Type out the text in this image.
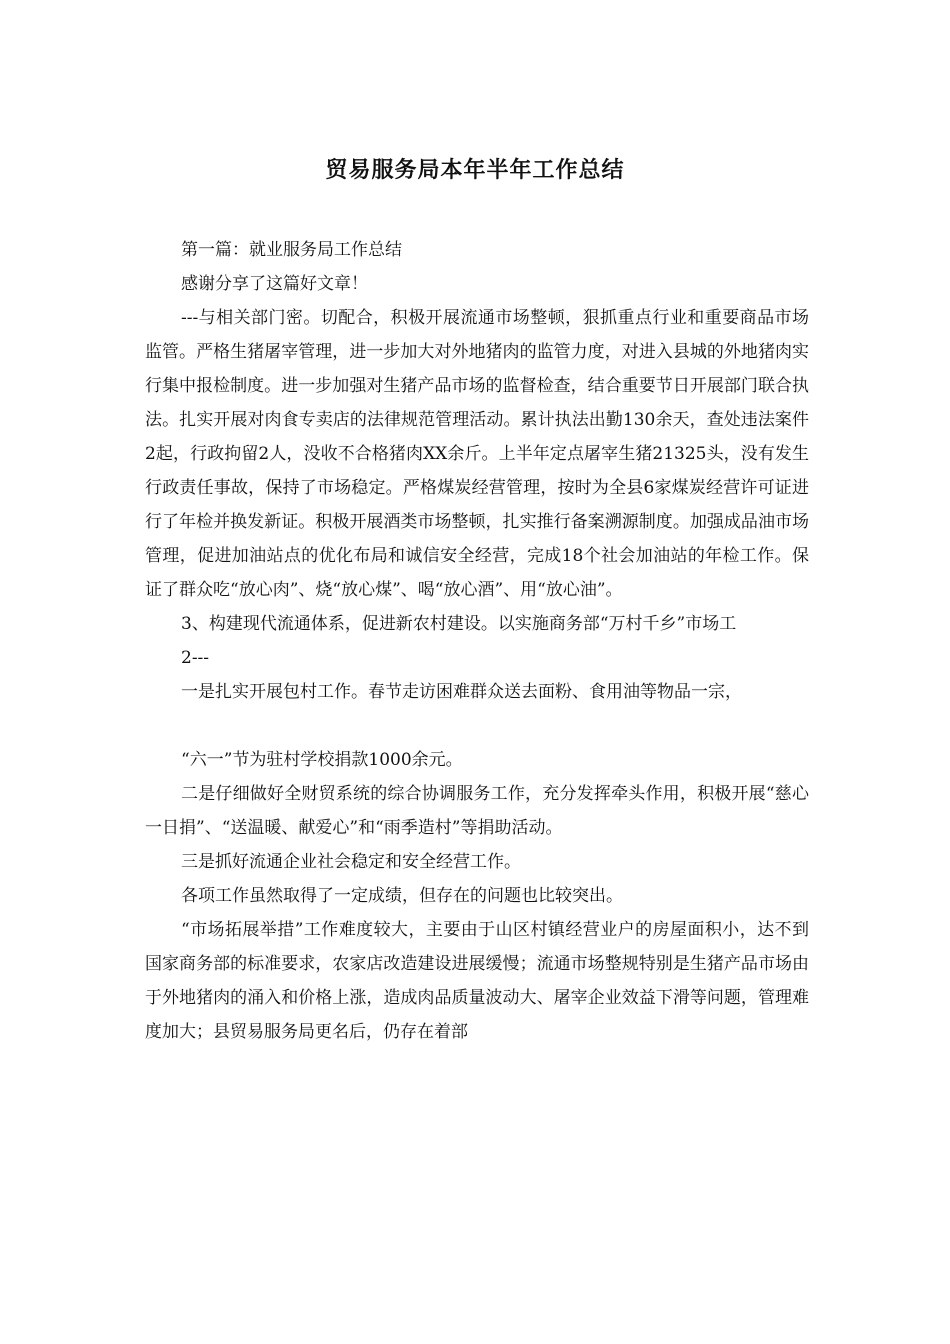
贸易服务局本年半年工作总结

第一篇：就业服务局工作总结

感谢分享了这篇好文章！

---与相关部门密。切配合，积极开展流通市场整顿，狠抓重点行业和重要商品市场监管。严格生猪屠宰管理，进一步加大对外地猪肉的监管力度，对进入县城的外地猪肉实行集中报检制度。进一步加强对生猪产品市场的监督检查，结合重要节日开展部门联合执法。扎实开展对肉食专卖店的法律规范管理活动。累计执法出勤130余天，查处违法案件2起，行政拘留2人，没收不合格猪肉XX余斤。上半年定点屠宰生猪21325头，没有发生行政责任事故，保持了市场稳定。严格煤炭经营管理，按时为全县6家煤炭经营许可证进行了年检并换发新证。积极开展酒类市场整顿，扎实推行备案溯源制度。加强成品油市场管理，促进加油站点的优化布局和诚信安全经营，完成18个社会加油站的年检工作。保证了群众吃“放心肉”、烧“放心煤”、喝“放心酒”、用“放心油”。

3、构建现代流通体系，促进新农村建设。以实施商务部“万村千乡”市场工

2---

一是扎实开展包村工作。春节走访困难群众送去面粉、食用油等物品一宗，

“六一”节为驻村学校捐款1000余元。

二是仔细做好全财贸系统的综合协调服务工作，充分发挥牵头作用，积极开展“慈心一日捐”、“送温暖、献爱心”和“雨季造村”等捐助活动。

三是抓好流通企业社会稳定和安全经营工作。

各项工作虽然取得了一定成绩，但存在的问题也比较突出。

“市场拓展举措”工作难度较大，主要由于山区村镇经营业户的房屋面积小，达不到国家商务部的标准要求，农家店改造建设进展缓慢；流通市场整规特别是生猪产品市场由于外地猪肉的涌入和价格上涨，造成肉品质量波动大、屠宰企业效益下滑等问题，管理难度加大；县贸易服务局更名后，仍存在着部
